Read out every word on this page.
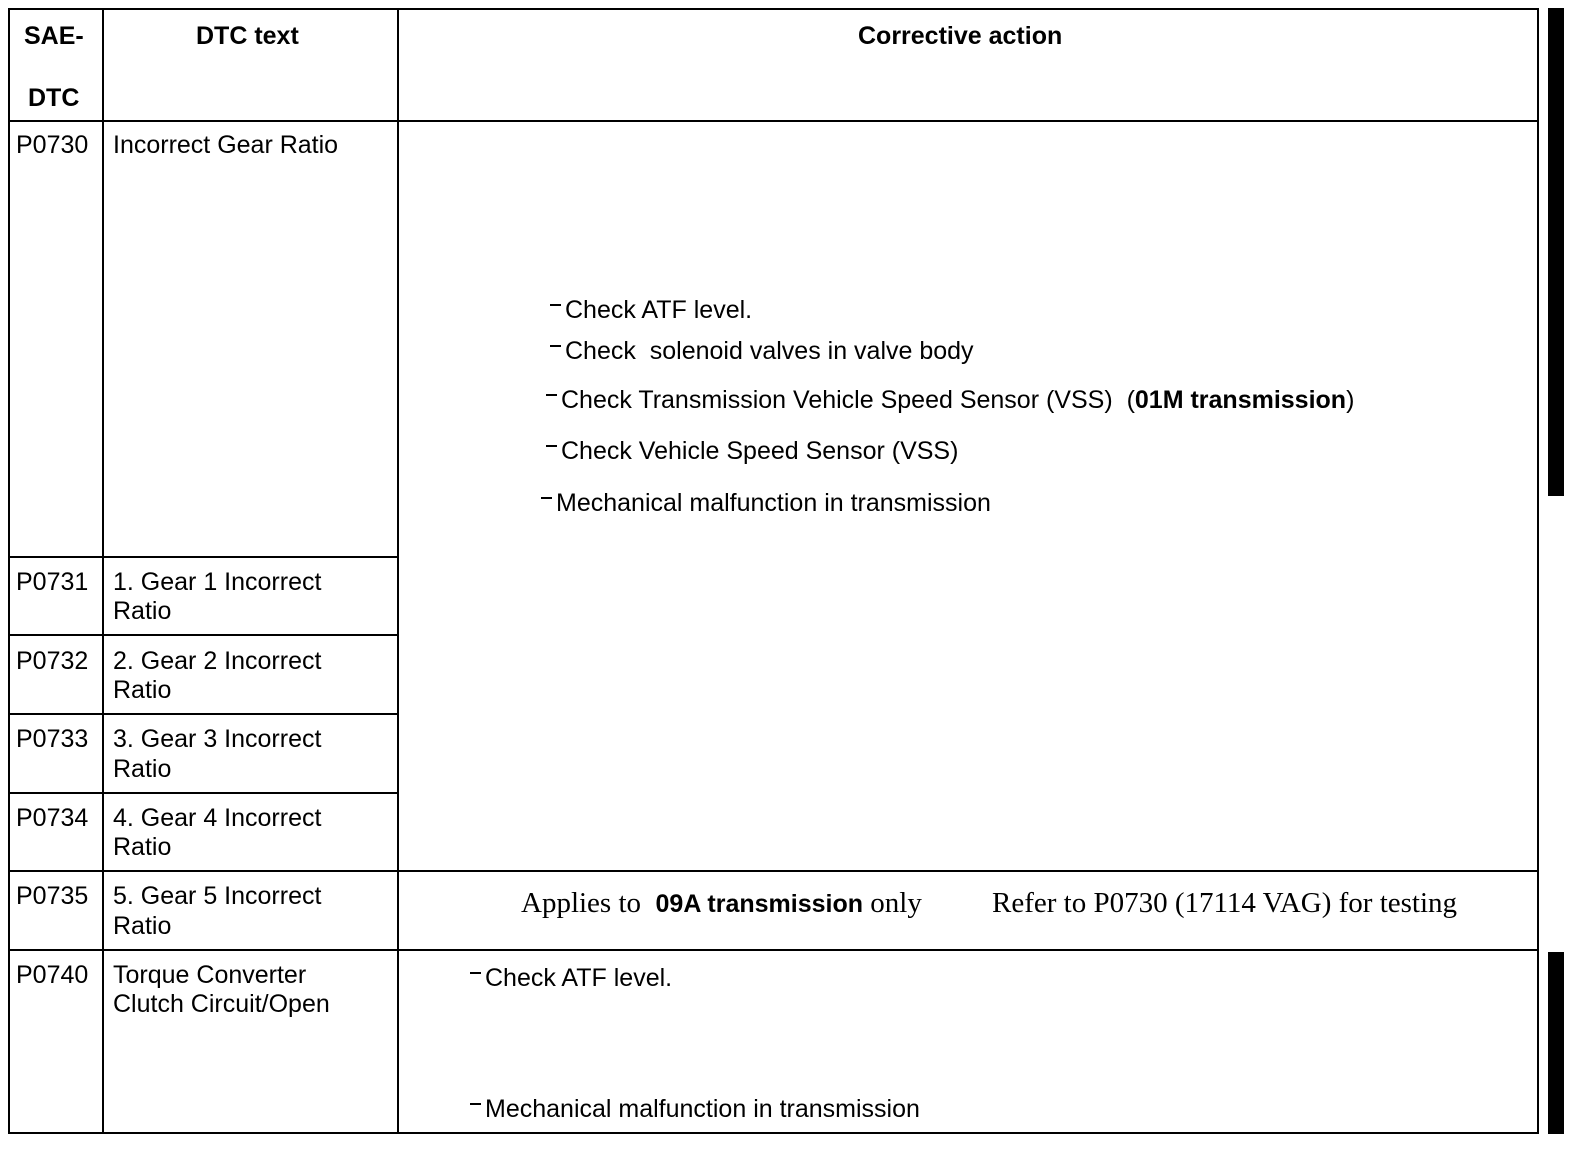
SAE-
DTC
DTC text	Corrective action
P0730
P0731
P0732
P0733
P0734
P0735
P0740
Incorrect Gear Ratio
1. Gear 1 Incorrect
Ratio
2. Gear 2 Incorrect
Ratio
3. Gear 3 Incorrect
Ratio
4. Gear 4 Incorrect
Ratio
5. Gear 5 Incorrect
Ratio
Torque Converter
Clutch Circuit/Open
Check ATF level.
Check  solenoid valves in valve body
Check Transmission Vehicle Speed Sensor (VSS) (01M transmission)
Check Vehicle Speed Sensor (VSS)
Mechanical malfunction in transmission
Applies to 09A transmission only Refer to P0730 (17114 VAG) for testing
Check ATF level.
Mechanical malfunction in transmission
